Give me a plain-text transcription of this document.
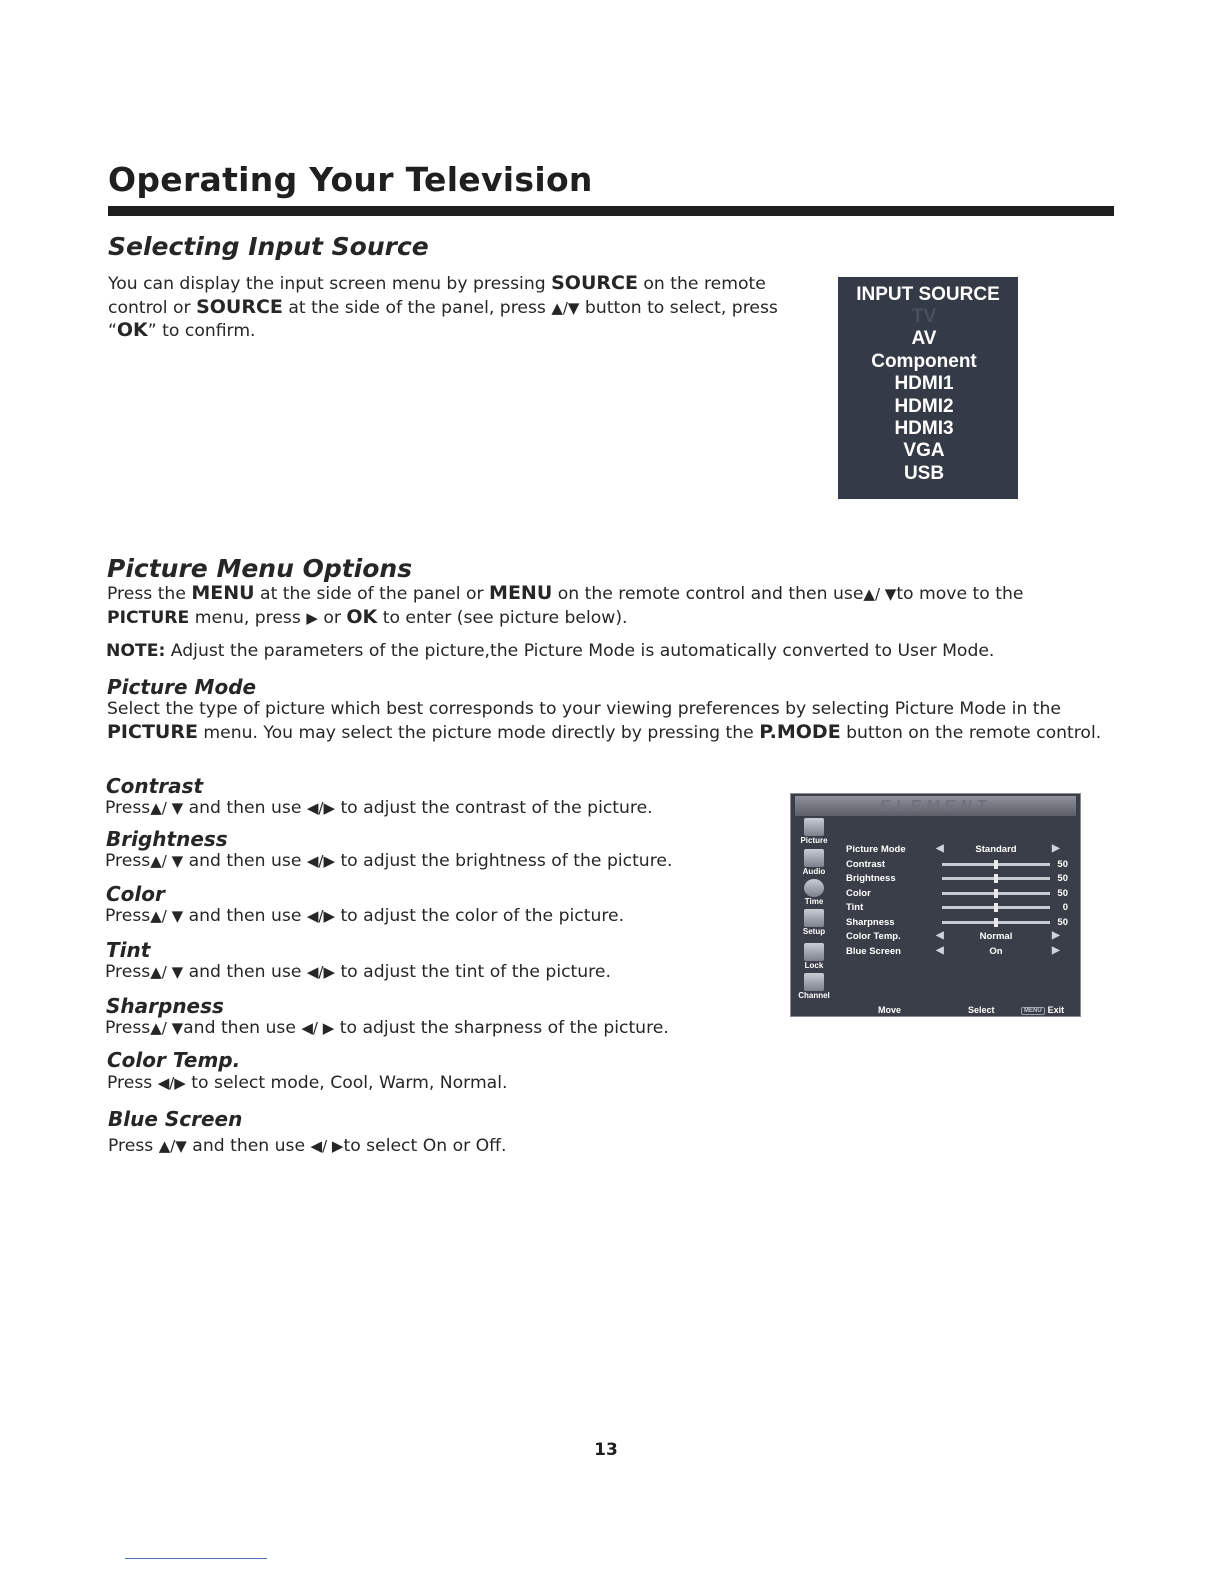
Operating Your Television
Selecting Input Source

You can display the input screen menu by pressing SOURCE on the remote control or SOURCE at the side of the panel, press ▲/▼ button to select, press “OK” to confirm.

INPUT SOURCE
TV
AV
Component
HDMI1
HDMI2
HDMI3
VGA
USB
Picture Menu Options

Press the MENU at the side of the panel or MENU on the remote control and then use▲/ ▼to move to the
PICTURE menu, press ▶ or OK to enter (see picture below).

NOTE: Adjust the parameters of the picture,the Picture Mode is automatically converted to User Mode.

Picture Mode

Select the type of picture which best corresponds to your viewing preferences by selecting Picture Mode in the PICTURE menu. You may select the picture mode directly by pressing the P.MODE button on the remote control.

Contrast

Press▲/ ▼ and then use ◀/▶ to adjust the contrast of the picture.

Brightness

Press▲/ ▼ and then use ◀/▶ to adjust the brightness of the picture.

Color

Press▲/ ▼ and then use ◀/▶ to adjust the color of the picture.

Tint

Press▲/ ▼ and then use ◀/▶ to adjust the tint of the picture.

Sharpness

Press▲/ ▼and then use ◀/ ▶ to adjust the sharpness of the picture.

Color Temp.

Press ◀/▶ to select mode, Cool, Warm, Normal.

Blue Screen

Press ▲/▼ and then use ◀/ ▶to select On or Off.

ELEMENT
Picture
Audio
Time
Setup
Lock
Channel
Picture Mode	◀	Standard	▶
Contrast	50
Brightness	50
Color	50
Tint	0
Sharpness	50
Color Temp.	◀	Normal	▶
Blue Screen	◀	On	▶
Move	Select	MENU Exit
13
